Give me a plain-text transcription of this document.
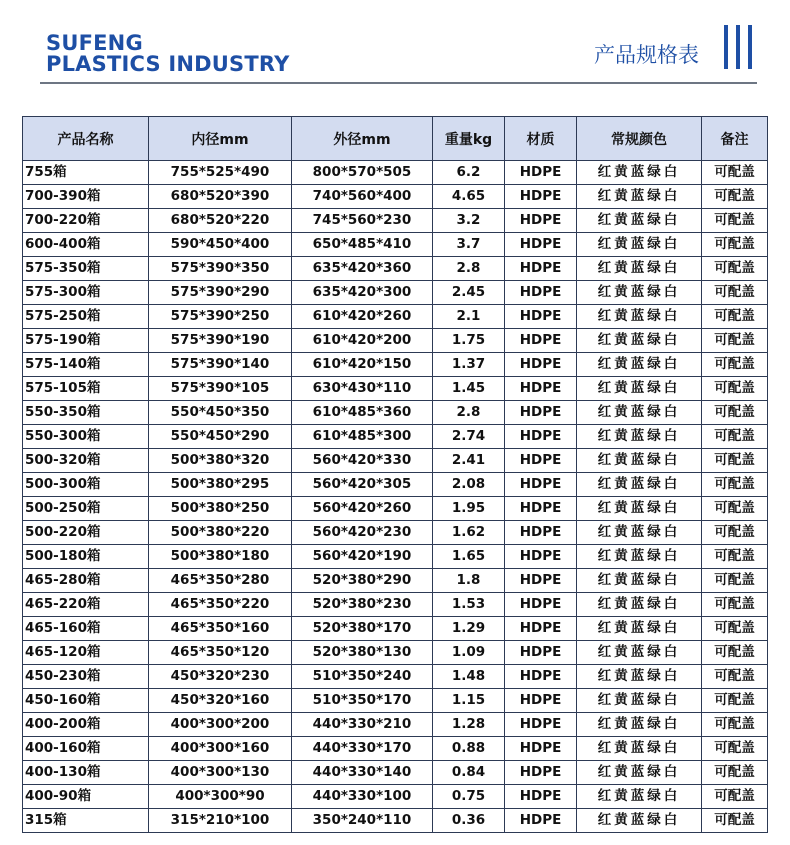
SUFENG
PLASTICS INDUSTRY	产品规格表
产品名称	内径mm	外径mm	重量kg	材质	常规颜色	备注
755箱	755*525*490	800*570*505	6.2	HDPE	红黄蓝绿白	可配盖
700-390箱	680*520*390	740*560*400	4.65	HDPE	红黄蓝绿白	可配盖
700-220箱	680*520*220	745*560*230	3.2	HDPE	红黄蓝绿白	可配盖
600-400箱	590*450*400	650*485*410	3.7	HDPE	红黄蓝绿白	可配盖
575-350箱	575*390*350	635*420*360	2.8	HDPE	红黄蓝绿白	可配盖
575-300箱	575*390*290	635*420*300	2.45	HDPE	红黄蓝绿白	可配盖
575-250箱	575*390*250	610*420*260	2.1	HDPE	红黄蓝绿白	可配盖
575-190箱	575*390*190	610*420*200	1.75	HDPE	红黄蓝绿白	可配盖
575-140箱	575*390*140	610*420*150	1.37	HDPE	红黄蓝绿白	可配盖
575-105箱	575*390*105	630*430*110	1.45	HDPE	红黄蓝绿白	可配盖
550-350箱	550*450*350	610*485*360	2.8	HDPE	红黄蓝绿白	可配盖
550-300箱	550*450*290	610*485*300	2.74	HDPE	红黄蓝绿白	可配盖
500-320箱	500*380*320	560*420*330	2.41	HDPE	红黄蓝绿白	可配盖
500-300箱	500*380*295	560*420*305	2.08	HDPE	红黄蓝绿白	可配盖
500-250箱	500*380*250	560*420*260	1.95	HDPE	红黄蓝绿白	可配盖
500-220箱	500*380*220	560*420*230	1.62	HDPE	红黄蓝绿白	可配盖
500-180箱	500*380*180	560*420*190	1.65	HDPE	红黄蓝绿白	可配盖
465-280箱	465*350*280	520*380*290	1.8	HDPE	红黄蓝绿白	可配盖
465-220箱	465*350*220	520*380*230	1.53	HDPE	红黄蓝绿白	可配盖
465-160箱	465*350*160	520*380*170	1.29	HDPE	红黄蓝绿白	可配盖
465-120箱	465*350*120	520*380*130	1.09	HDPE	红黄蓝绿白	可配盖
450-230箱	450*320*230	510*350*240	1.48	HDPE	红黄蓝绿白	可配盖
450-160箱	450*320*160	510*350*170	1.15	HDPE	红黄蓝绿白	可配盖
400-200箱	400*300*200	440*330*210	1.28	HDPE	红黄蓝绿白	可配盖
400-160箱	400*300*160	440*330*170	0.88	HDPE	红黄蓝绿白	可配盖
400-130箱	400*300*130	440*330*140	0.84	HDPE	红黄蓝绿白	可配盖
400-90箱	400*300*90	440*330*100	0.75	HDPE	红黄蓝绿白	可配盖
315箱	315*210*100	350*240*110	0.36	HDPE	红黄蓝绿白	可配盖
